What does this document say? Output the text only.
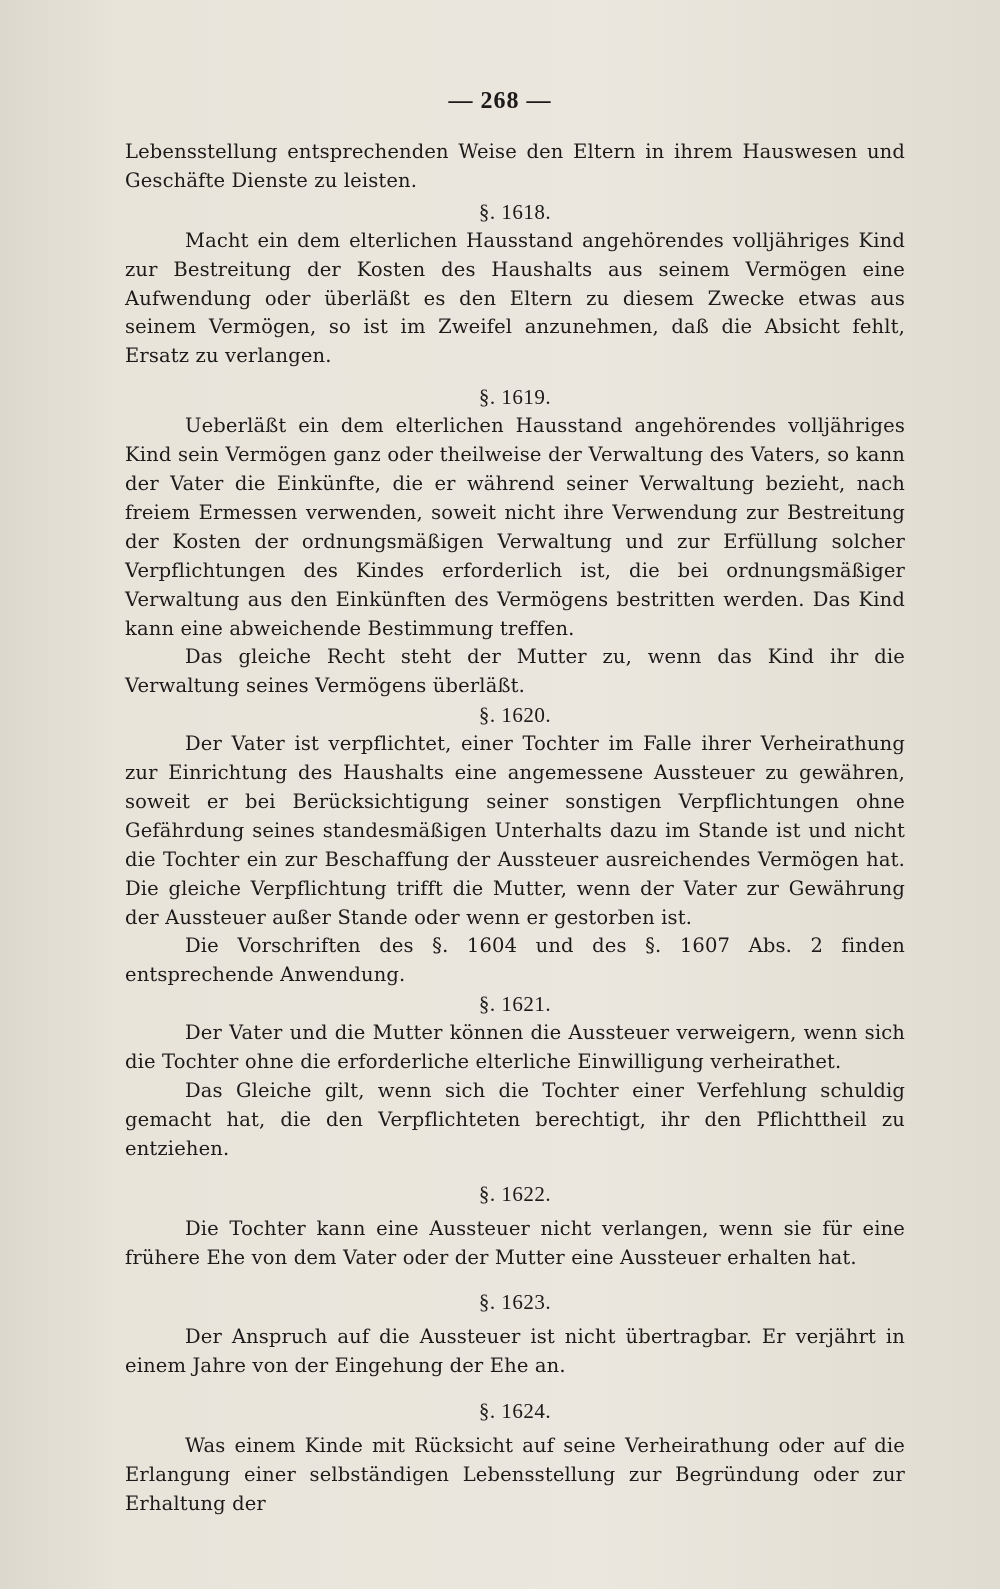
— 268 —

Lebensstellung entsprechenden Weise den Eltern in ihrem Hauswesen und Geschäfte Dienste zu leisten.

§. 1618.

Macht ein dem elterlichen Hausstand angehörendes volljähriges Kind zur Bestreitung der Kosten des Haushalts aus seinem Vermögen eine Aufwendung oder überläßt es den Eltern zu diesem Zwecke etwas aus seinem Vermögen, so ist im Zweifel anzunehmen, daß die Absicht fehlt, Ersatz zu verlangen.

§. 1619.

Ueberläßt ein dem elterlichen Hausstand angehörendes volljähriges Kind sein Vermögen ganz oder theilweise der Verwaltung des Vaters, so kann der Vater die Einkünfte, die er während seiner Verwaltung bezieht, nach freiem Ermessen verwenden, soweit nicht ihre Verwendung zur Bestreitung der Kosten der ordnungsmäßigen Verwaltung und zur Erfüllung solcher Verpflichtungen des Kindes erforderlich ist, die bei ordnungsmäßiger Verwaltung aus den Einkünften des Vermögens bestritten werden. Das Kind kann eine abweichende Bestimmung treffen.

Das gleiche Recht steht der Mutter zu, wenn das Kind ihr die Verwaltung seines Vermögens überläßt.

§. 1620.

Der Vater ist verpflichtet, einer Tochter im Falle ihrer Verheirathung zur Einrichtung des Haushalts eine angemessene Aussteuer zu gewähren, soweit er bei Berücksichtigung seiner sonstigen Verpflichtungen ohne Gefährdung seines standesmäßigen Unterhalts dazu im Stande ist und nicht die Tochter ein zur Beschaffung der Aussteuer ausreichendes Vermögen hat. Die gleiche Verpflichtung trifft die Mutter, wenn der Vater zur Gewährung der Aussteuer außer Stande oder wenn er gestorben ist.

Die Vorschriften des §. 1604 und des §. 1607 Abs. 2 finden entsprechende Anwendung.

§. 1621.

Der Vater und die Mutter können die Aussteuer verweigern, wenn sich die Tochter ohne die erforderliche elterliche Einwilligung verheirathet.

Das Gleiche gilt, wenn sich die Tochter einer Verfehlung schuldig gemacht hat, die den Verpflichteten berechtigt, ihr den Pflichttheil zu entziehen.

§. 1622.

Die Tochter kann eine Aussteuer nicht verlangen, wenn sie für eine frühere Ehe von dem Vater oder der Mutter eine Aussteuer erhalten hat.

§. 1623.

Der Anspruch auf die Aussteuer ist nicht übertragbar. Er verjährt in einem Jahre von der Eingehung der Ehe an.

§. 1624.

Was einem Kinde mit Rücksicht auf seine Verheirathung oder auf die Erlangung einer selbständigen Lebensstellung zur Begründung oder zur Erhaltung der
